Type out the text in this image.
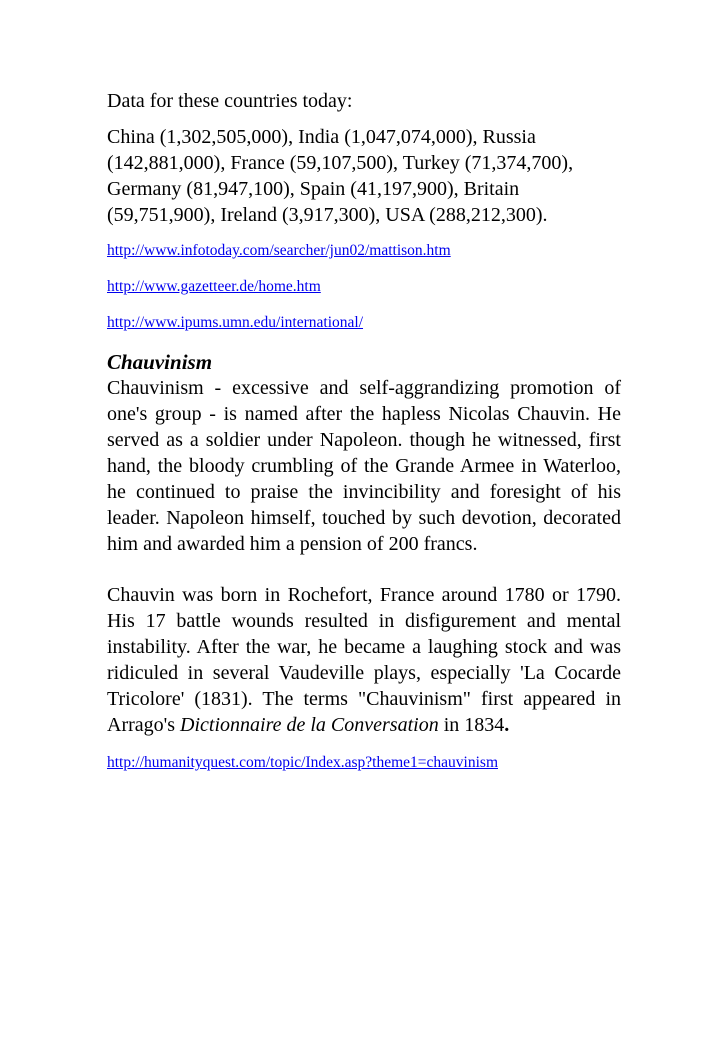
Data for these countries today:

China (1,302,505,000), India (1,047,074,000), Russia (142,881,000), France (59,107,500), Turkey (71,374,700), Germany (81,947,100), Spain (41,197,900), Britain (59,751,900), Ireland (3,917,300), USA (288,212,300).

http://www.infotoday.com/searcher/jun02/mattison.htm

http://www.gazetteer.de/home.htm

http://www.ipums.umn.edu/international/

Chauvinism

Chauvinism - excessive and self-aggrandizing promotion of one's group - is named after the hapless Nicolas Chauvin. He served as a soldier under Napoleon. though he witnessed, first hand, the bloody crumbling of the Grande Armee in Waterloo, he continued to praise the invincibility and foresight of his leader. Napoleon himself, touched by such devotion, decorated him and awarded him a pension of 200 francs.

Chauvin was born in Rochefort, France around 1780 or 1790. His 17 battle wounds resulted in disfigurement and mental instability. After the war, he became a laughing stock and was ridiculed in several Vaudeville plays, especially 'La Cocarde Tricolore' (1831). The terms "Chauvinism" first appeared in Arrago's Dictionnaire de la Conversation in 1834.

http://humanityquest.com/topic/Index.asp?theme1=chauvinism
